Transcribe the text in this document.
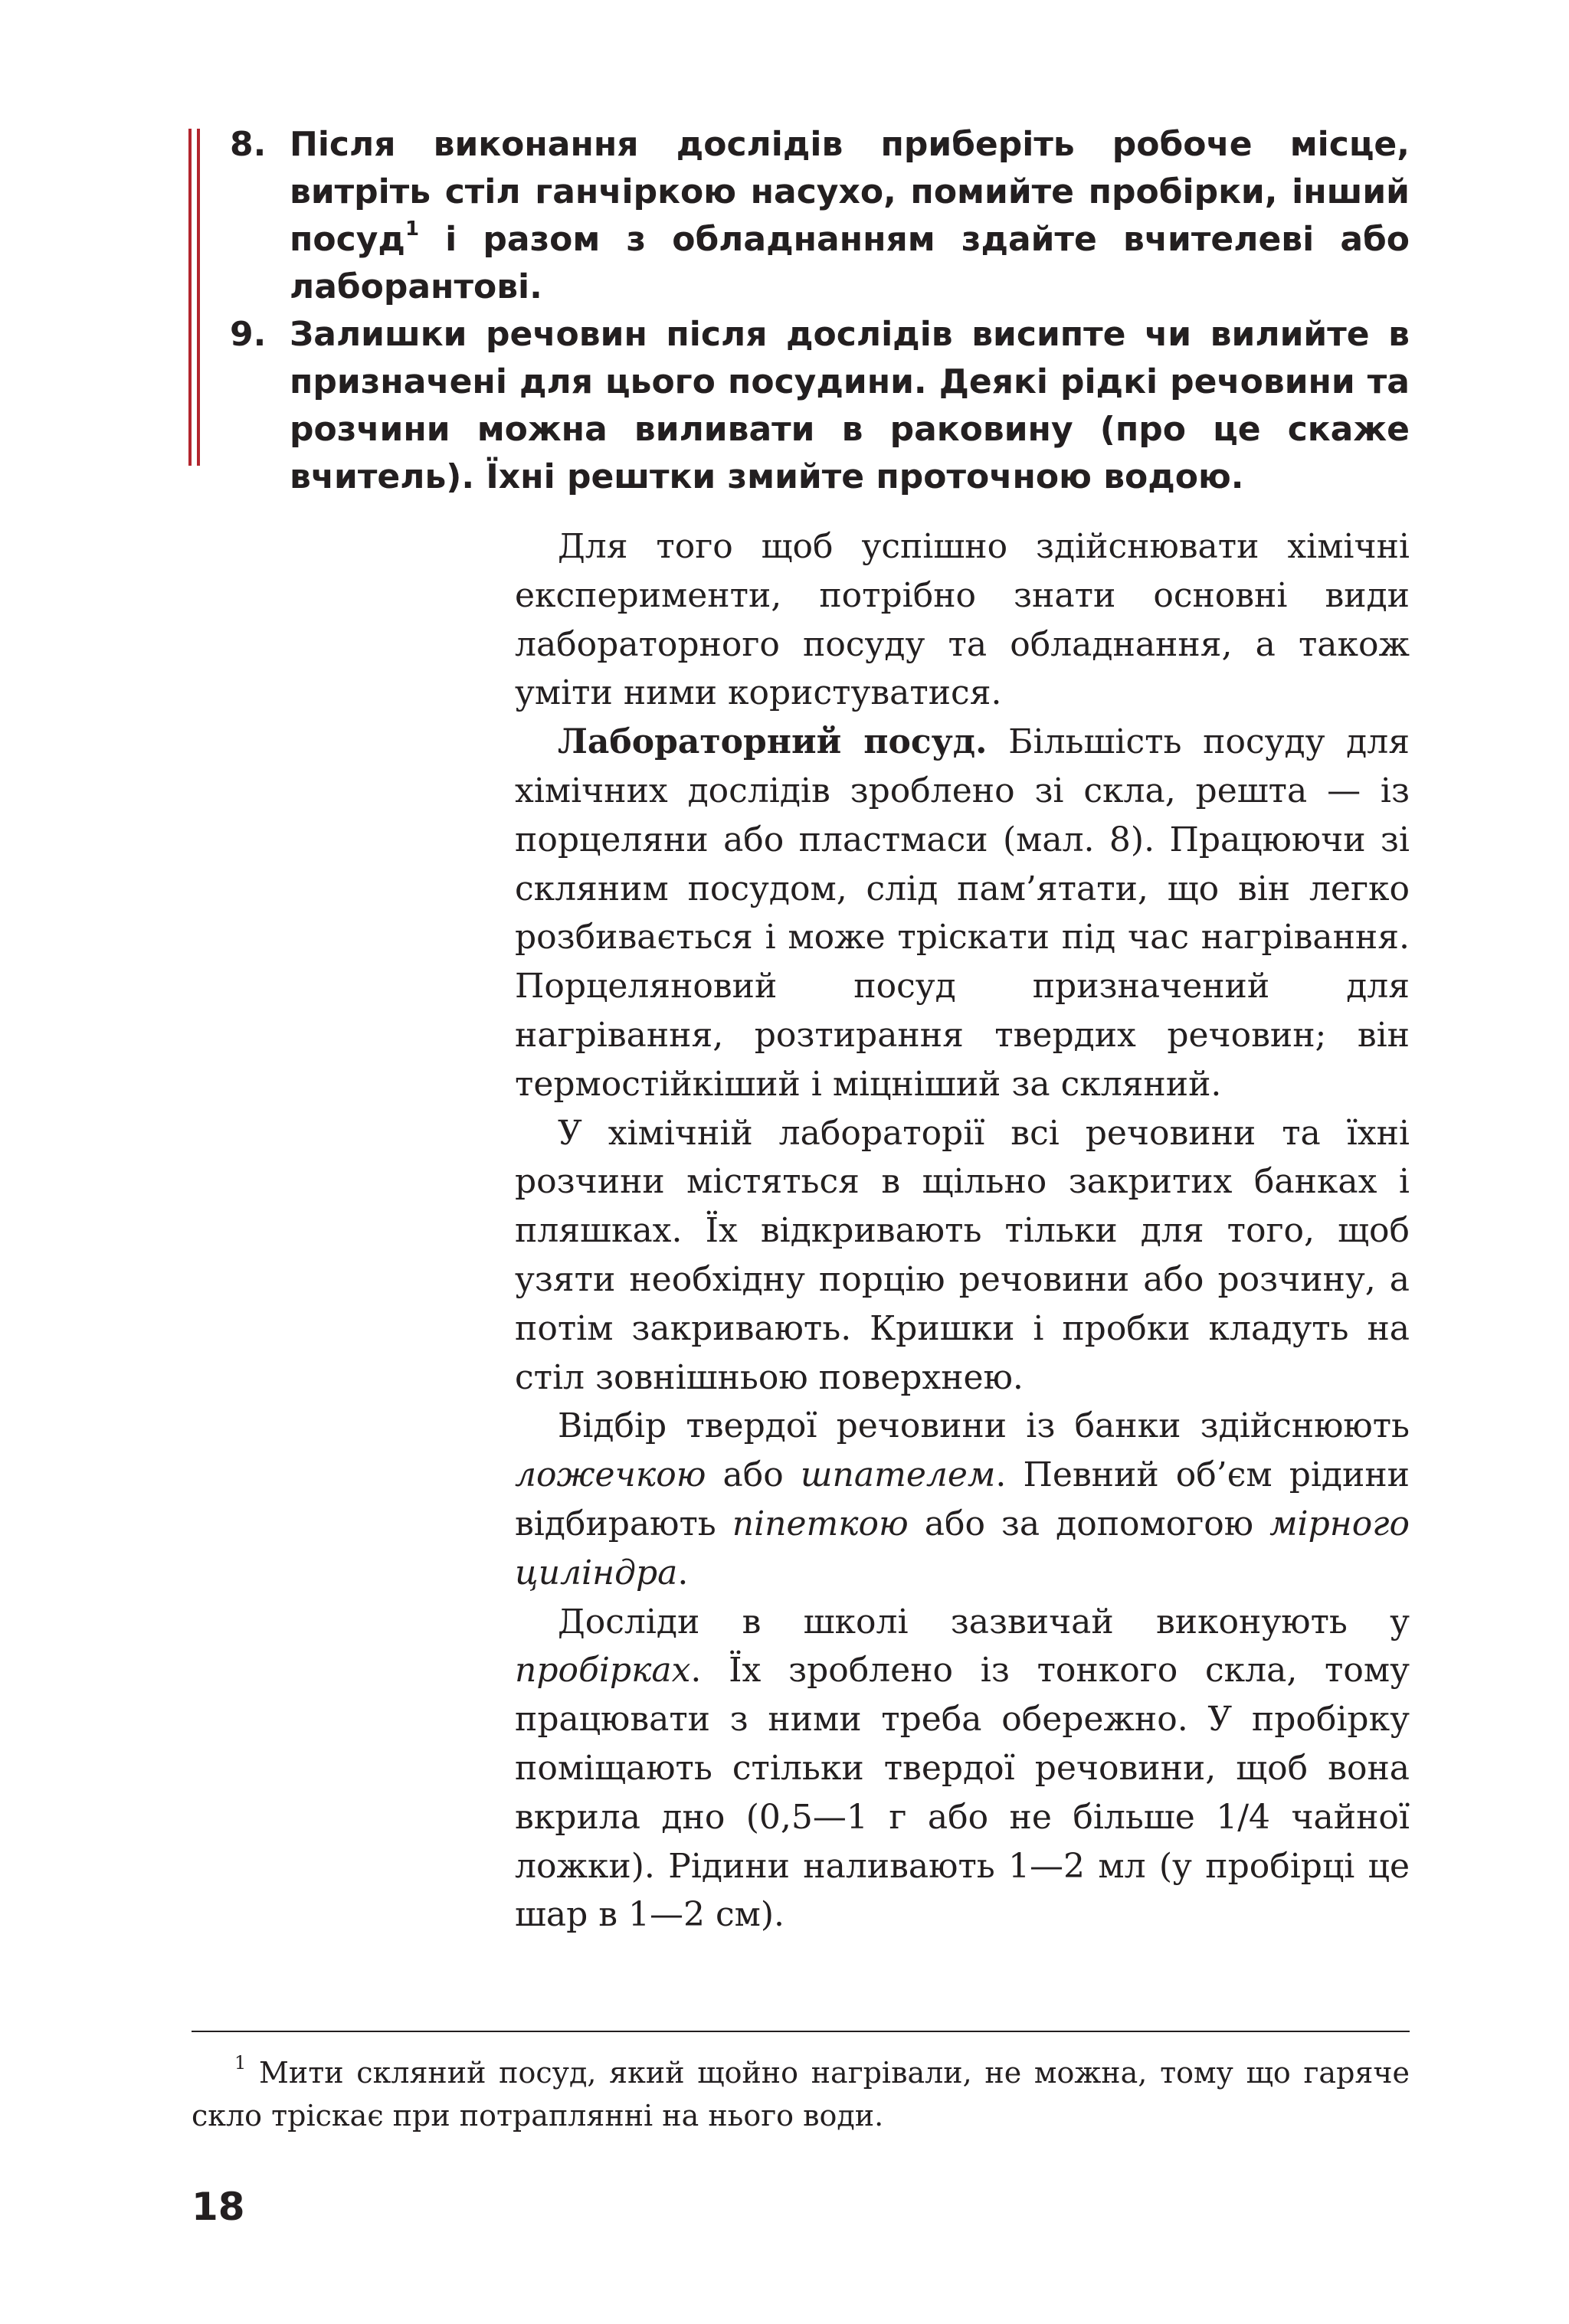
8. Після виконання дослідів приберіть робоче місце, витріть стіл ганчіркою насухо, помийте пробірки, інший посуд$^1$ і разом з обладнанням здайте вчителеві або лаборантові.
9. Залишки речовин після дослідів висипте чи вилийте в призначені для цього посудини. Деякі рідкі речовини та розчини можна виливати в раковину (про це скаже вчитель). Їхні рештки змийте проточною водою.

Для того щоб успішно здійснювати хімічні експерименти, потрібно знати основні види лабораторного посуду та обладнання, а також уміти ними користуватися.

Лабораторний посуд. Більшість посуду для хімічних дослідів зроблено зі скла, решта — із порцеляни або пластмаси (мал. 8). Працюючи зі скляним посудом, слід пам’ятати, що він легко розбивається і може тріскати під час нагрівання. Порцеляновий посуд призначений для нагрівання, розтирання твердих речовин; він термостійкіший і міцніший за скляний.

У хімічній лабораторії всі речовини та їхні розчини містяться в щільно закритих банках і пляшках. Їх відкривають тільки для того, щоб узяти необхідну порцію речовини або розчину, а потім закривають. Кришки і пробки кладуть на стіл зовнішньою поверхнею.

Відбір твердої речовини із банки здійснюють ложечкою або шпателем. Певний об’єм рідини відбирають піпеткою або за допомогою мірного циліндра.

Досліди в школі зазвичай виконують у пробірках. Їх зроблено із тонкого скла, тому працювати з ними треба обережно. У пробірку поміщають стільки твердої речовини, щоб вона вкрила дно (0,5—1 г або не більше 1/4 чайної ложки). Рідини наливають 1—2 мл (у пробірці це шар в 1—2 см).

$^1$ Мити скляний посуд, який щойно нагрівали, не можна, тому що гаряче скло тріскає при потраплянні на нього води.

18
